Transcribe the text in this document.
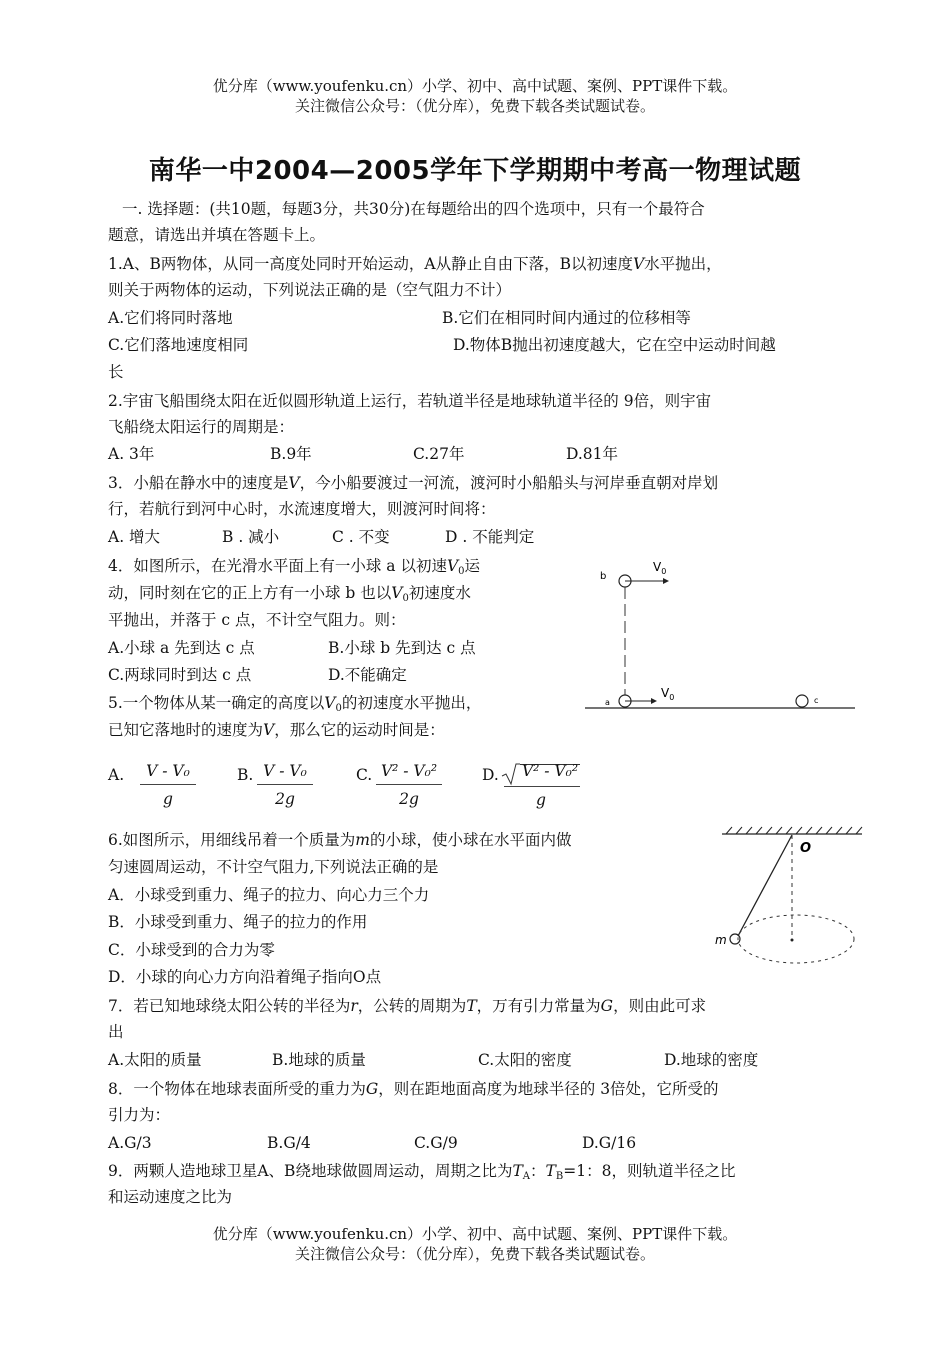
优分库（www.youfenku.cn）小学、初中、高中试题、案例、PPT课件下载。
关注微信公众号：（优分库），免费下载各类试题试卷。
南华一中2004—2005学年下学期期中考高一物理试题
一. 选择题：(共10题，每题3分，共30分)在每题给出的四个选项中，只有一个最符合
题意，请选出并填在答题卡上。
1.A、B两物体，从同一高度处同时开始运动，A从静止自由下落，B以初速度V水平抛出，
则关于两物体的运动，下列说法正确的是（空气阻力不计）
A.它们将同时落地	B.它们在相同时间内通过的位移相等
C.它们落地速度相同	D.物体B抛出初速度越大，它在空中运动时间越
长
2.宇宙飞船围绕太阳在近似圆形轨道上运行，若轨道半径是地球轨道半径的 9倍，则宇宙
飞船绕太阳运行的周期是：
A. 3年	B.9年	C.27年	D.81年
3．小船在静水中的速度是V，今小船要渡过一河流，渡河时小船船头与河岸垂直朝对岸划
行，若航行到河中心时，水流速度增大，则渡河时间将：
A. 增大	B . 减小	C . 不变	D . 不能判定
4．如图所示，在光滑水平面上有一小球 a 以初速$V_0$运
动，同时刻在它的正上方有一小球 b 也以$V_0$初速度水
平抛出，并落于 c 点，不计空气阻力。则：
A.小球 a 先到达 c 点	B.小球 b 先到达 c 点
C.两球同时到达 c 点	D.不能确定
b
$V_0$
a
$V_0$	c
5.一个物体从某一确定的高度以$V_0$的初速度水平抛出，
已知它落地时的速度为V，那么它的运动时间是：
A.	V - V₀
g
B. V - V₀
2g
C. V² - V₀²
2g
D. V² - V₀²
g
6.如图所示，用细线吊着一个质量为m的小球，使小球在水平面内做
匀速圆周运动，不计空气阻力,下列说法正确的是
A．小球受到重力、绳子的拉力、向心力三个力
B．小球受到重力、绳子的拉力的作用
C．小球受到的合力为零
D．小球的向心力方向沿着绳子指向O点
O
m
7．若已知地球绕太阳公转的半径为r，公转的周期为T，万有引力常量为G，则由此可求
出
A.太阳的质量	B.地球的质量	C.太阳的密度	D.地球的密度
8．一个物体在地球表面所受的重力为G，则在距地面高度为地球半径的 3倍处，它所受的
引力为：
A.G/3	B.G/4	C.G/9	D.G/16
9．两颗人造地球卫星A、B绕地球做圆周运动，周期之比为$T_A$：$T_B=1$：8，则轨道半径之比
和运动速度之比为
优分库（www.youfenku.cn）小学、初中、高中试题、案例、PPT课件下载。
关注微信公众号：（优分库），免费下载各类试题试卷。
